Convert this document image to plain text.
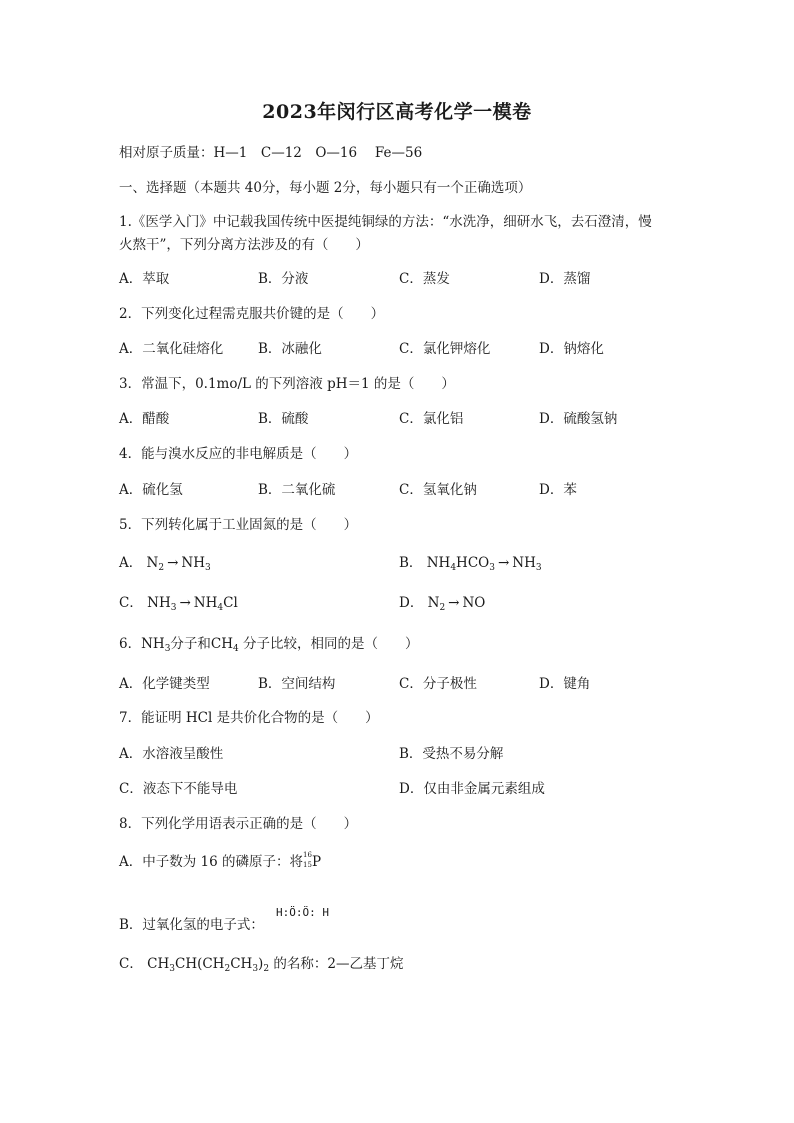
2023年闵行区高考化学一模卷
相对原子质量：H—1　C—12　O—16　 Fe—56
一、选择题（本题共 40分，每小题 2分，每小题只有一个正确选项）
1.《医学入门》中记载我国传统中医提纯铜绿的方法：“水洗净，细研水飞，去石澄清，慢
火熬干”，下列分离方法涉及的有（　　）
A．萃取	B．分液	C．蒸发	D．蒸馏
2．下列变化过程需克服共价键的是（　　）
A．二氧化硅熔化	B．冰融化	C．氯化钾熔化	D．钠熔化
3．常温下，0.1mo/L 的下列溶液 pH＝1 的是（　　）
A．醋酸	B．硫酸	C．氯化铝	D．硫酸氢钠
4．能与溴水反应的非电解质是（　　）
A．硫化氢	B．二氧化硫	C．氢氧化钠	D．苯
5．下列转化属于工业固氮的是（　　）
A． $N_2 \to NH_3$	B． $NH_4HCO_3 \to NH_3$
C． $NH_3 \to NH_4Cl$	D． $N_2$ → NO
6．$NH_3$分子和$CH_4$ 分子比较，相同的是（　　）
A．化学键类型	B．空间结构	C．分子极性	D．键角
7．能证明 HCl 是共价化合物的是（　　）
A．水溶液呈酸性	B．受热不易分解
C．液态下不能导电	D．仅由非金属元素组成
8．下列化学用语表示正确的是（　　）
A．中子数为 16 的磷原子：将 16
15 P
H:Ö:Ö: H
B．过氧化氢的电子式：
C． $CH_3CH(CH_2CH_3)_2$ 的名称：2—乙基丁烷
